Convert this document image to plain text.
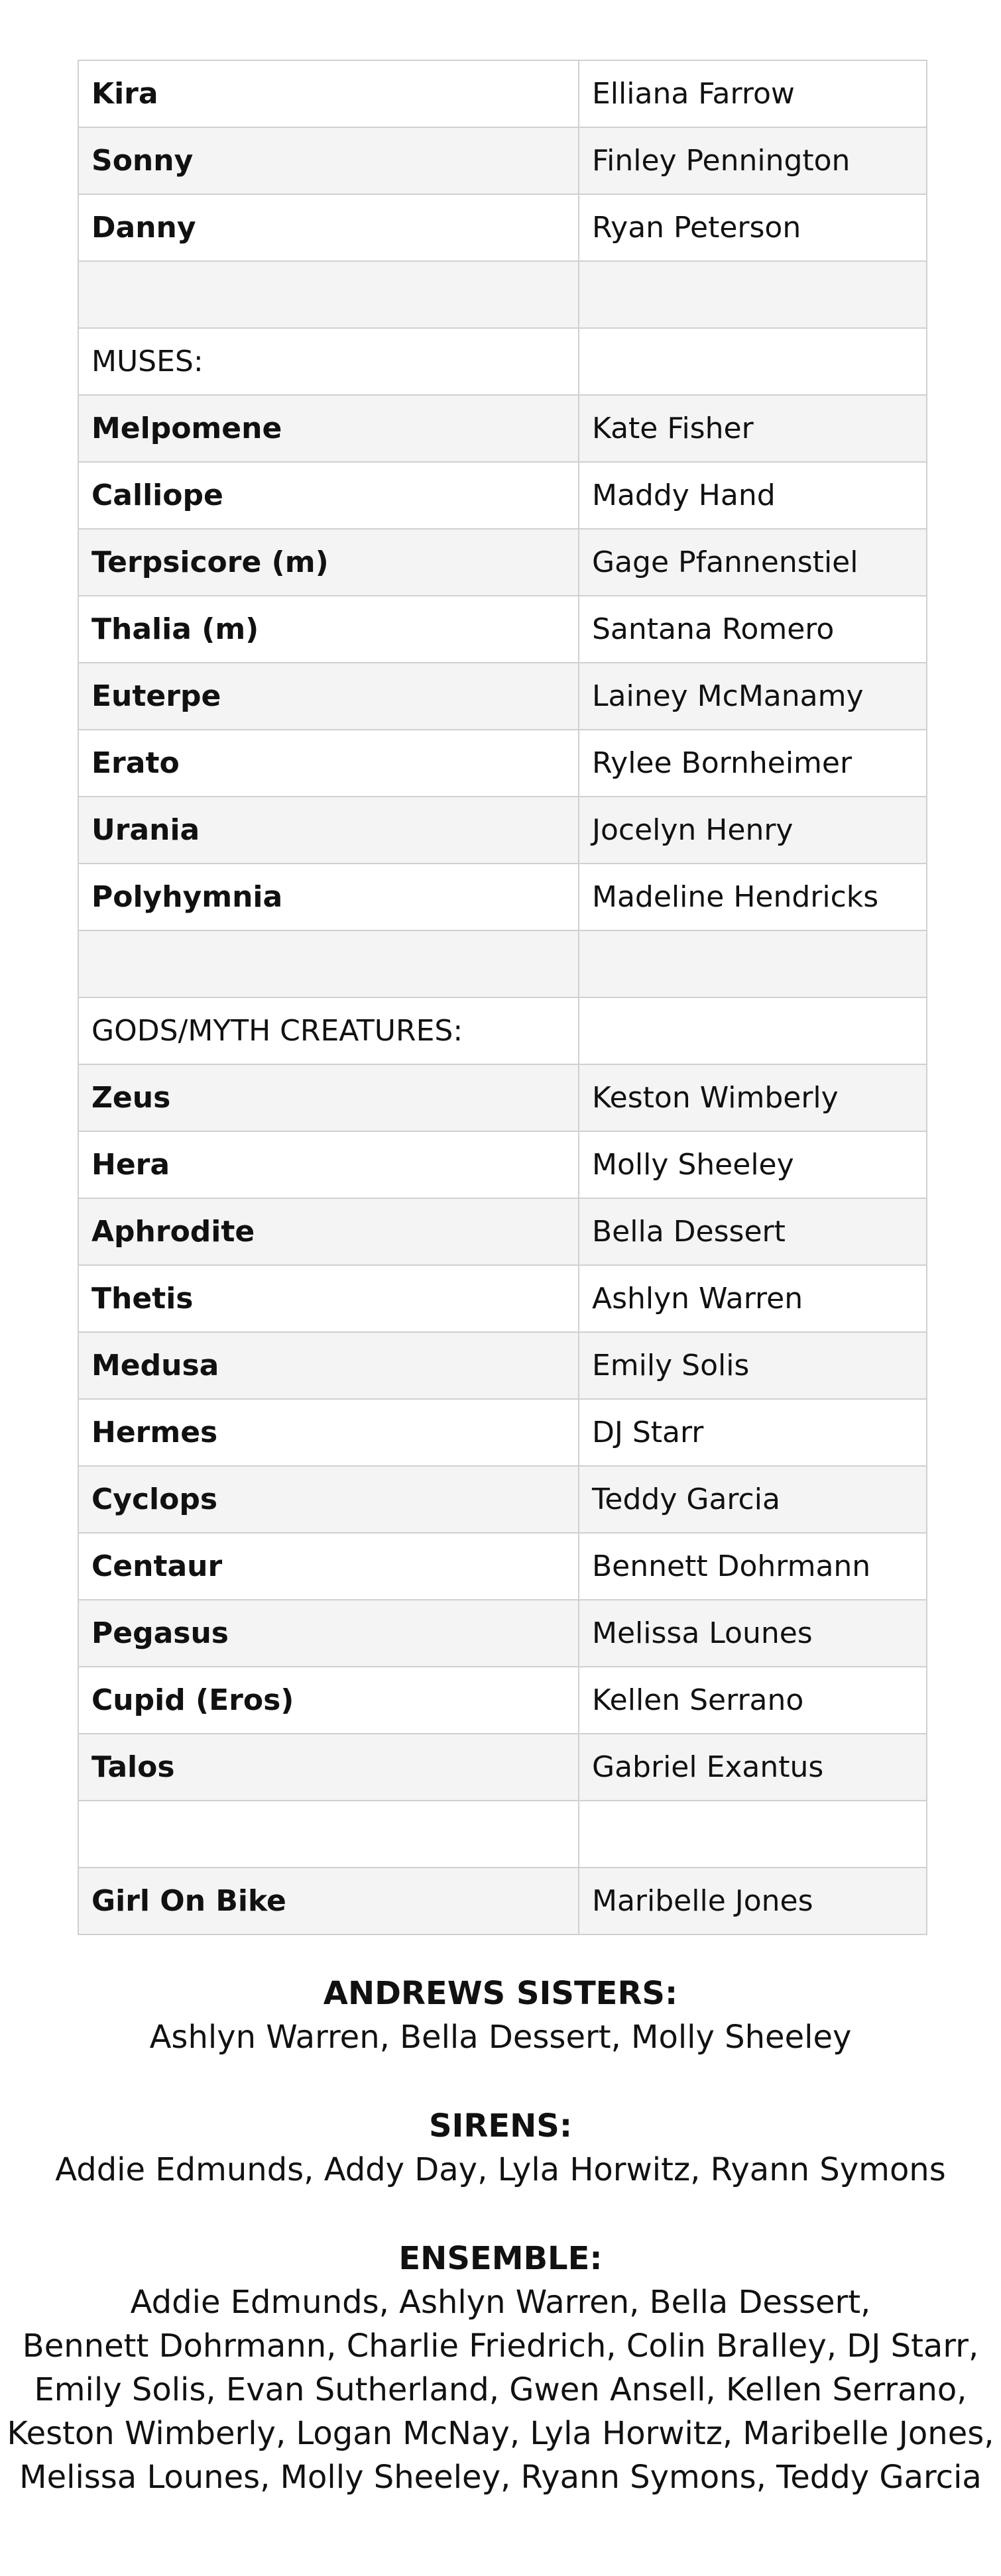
Kira	Elliana Farrow
Sonny	Finley Pennington
Danny	Ryan Peterson

MUSES:	
Melpomene	Kate Fisher
Calliope	Maddy Hand
Terpsicore (m)	Gage Pfannenstiel
Thalia (m)	Santana Romero
Euterpe	Lainey McManamy
Erato	Rylee Bornheimer
Urania	Jocelyn Henry
Polyhymnia	Madeline Hendricks

GODS/MYTH CREATURES:	
Zeus	Keston Wimberly
Hera	Molly Sheeley
Aphrodite	Bella Dessert
Thetis	Ashlyn Warren
Medusa	Emily Solis
Hermes	DJ Starr
Cyclops	Teddy Garcia
Centaur	Bennett Dohrmann
Pegasus	Melissa Lounes
Cupid (Eros)	Kellen Serrano
Talos	Gabriel Exantus

Girl On Bike	Maribelle Jones

ANDREWS SISTERS:

Ashlyn Warren, Bella Dessert, Molly Sheeley

SIRENS:

Addie Edmunds, Addy Day, Lyla Horwitz, Ryann Symons

ENSEMBLE:

Addie Edmunds, Ashlyn Warren, Bella Dessert,

Bennett Dohrmann, Charlie Friedrich, Colin Bralley, DJ Starr,

Emily Solis, Evan Sutherland, Gwen Ansell, Kellen Serrano,

Keston Wimberly, Logan McNay, Lyla Horwitz, Maribelle Jones,

Melissa Lounes, Molly Sheeley, Ryann Symons, Teddy Garcia
